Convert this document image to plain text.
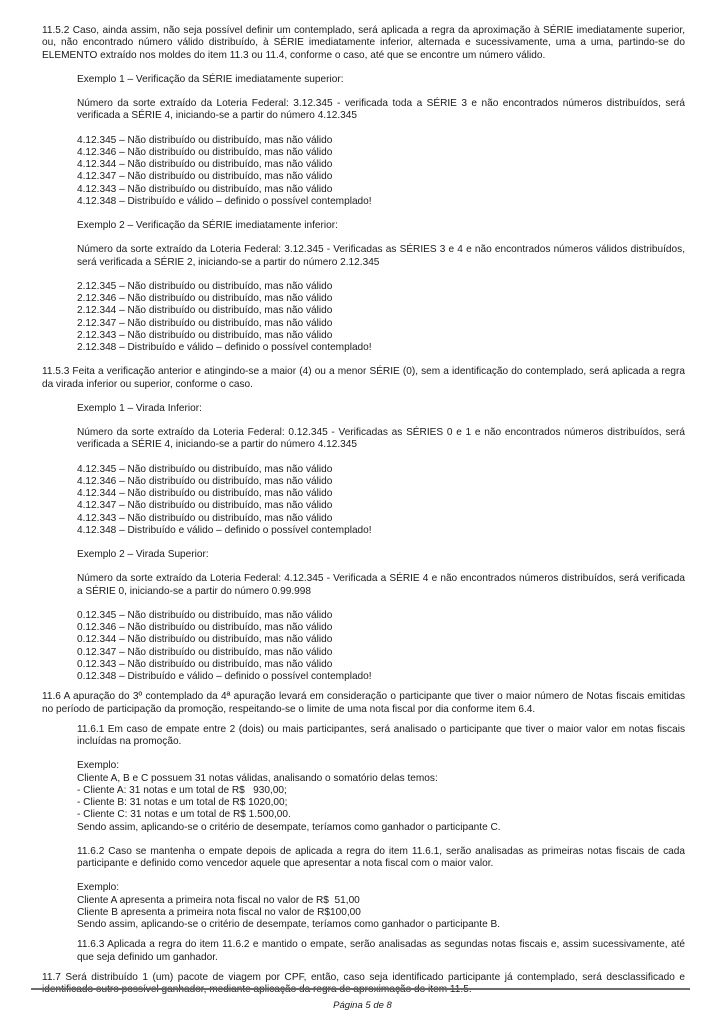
11.5.2 Caso, ainda assim, não seja possível definir um contemplado, será aplicada a regra da aproximação à SÉRIE imediatamente superior, ou, não encontrado número válido distribuído, à SÉRIE imediatamente inferior, alternada e sucessivamente, uma a uma, partindo-se do ELEMENTO extraído nos moldes do item 11.3 ou 11.4, conforme o caso, até que se encontre um número válido.

Exemplo 1 – Verificação da SÉRIE imediatamente superior:

Número da sorte extraído da Loteria Federal: 3.12.345 - verificada toda a SÉRIE 3 e não encontrados números distribuídos, será verificada a SÉRIE 4, iniciando-se a partir do número 4.12.345

4.12.345 – Não distribuído ou distribuído, mas não válido
4.12.346 – Não distribuído ou distribuído, mas não válido
4.12.344 – Não distribuído ou distribuído, mas não válido
4.12.347 – Não distribuído ou distribuído, mas não válido
4.12.343 – Não distribuído ou distribuído, mas não válido
4.12.348 – Distribuído e válido – definido o possível contemplado!

Exemplo 2 – Verificação da SÉRIE imediatamente inferior:

Número da sorte extraído da Loteria Federal: 3.12.345 - Verificadas as SÉRIES 3 e 4 e não encontrados números válidos distribuídos, será verificada a SÉRIE 2, iniciando-se a partir do número 2.12.345

2.12.345 – Não distribuído ou distribuído, mas não válido
2.12.346 – Não distribuído ou distribuído, mas não válido
2.12.344 – Não distribuído ou distribuído, mas não válido
2.12.347 – Não distribuído ou distribuído, mas não válido
2.12.343 – Não distribuído ou distribuído, mas não válido
2.12.348 – Distribuído e válido – definido o possível contemplado!

11.5.3 Feita a verificação anterior e atingindo-se a maior (4) ou a menor SÉRIE (0), sem a identificação do contemplado, será aplicada a regra da virada inferior ou superior, conforme o caso.

Exemplo 1 – Virada Inferior:

Número da sorte extraído da Loteria Federal: 0.12.345 - Verificadas as SÉRIES 0 e 1 e não encontrados números distribuídos, será verificada a SÉRIE 4, iniciando-se a partir do número 4.12.345

4.12.345 – Não distribuído ou distribuído, mas não válido
4.12.346 – Não distribuído ou distribuído, mas não válido
4.12.344 – Não distribuído ou distribuído, mas não válido
4.12.347 – Não distribuído ou distribuído, mas não válido
4.12.343 – Não distribuído ou distribuído, mas não válido
4.12.348 – Distribuído e válido – definido o possível contemplado!

Exemplo 2 – Virada Superior:

Número da sorte extraído da Loteria Federal: 4.12.345 - Verificada a SÉRIE 4 e não encontrados números distribuídos, será verificada a SÉRIE 0, iniciando-se a partir do número 0.99.998

0.12.345 – Não distribuído ou distribuído, mas não válido
0.12.346 – Não distribuído ou distribuído, mas não válido
0.12.344 – Não distribuído ou distribuído, mas não válido
0.12.347 – Não distribuído ou distribuído, mas não válido
0.12.343 – Não distribuído ou distribuído, mas não válido
0.12.348 – Distribuído e válido – definido o possível contemplado!

11.6 A apuração do 3º contemplado da 4ª apuração levará em consideração o participante que tiver o maior número de Notas fiscais emitidas no período de participação da promoção, respeitando-se o limite de uma nota fiscal por dia conforme item 6.4.

11.6.1 Em caso de empate entre 2 (dois) ou mais participantes, será analisado o participante que tiver o maior valor em notas fiscais incluídas na promoção.

Exemplo:
Cliente A, B e C possuem 31 notas válidas, analisando o somatório delas temos:
- Cliente A: 31 notas e um total de R$   930,00;
- Cliente B: 31 notas e um total de R$ 1020,00;
- Cliente C: 31 notas e um total de R$ 1.500,00.
Sendo assim, aplicando-se o critério de desempate, teríamos como ganhador o participante C.

11.6.2 Caso se mantenha o empate depois de aplicada a regra do item 11.6.1, serão analisadas as primeiras notas fiscais de cada participante e definido como vencedor aquele que apresentar a nota fiscal com o maior valor.

Exemplo:
Cliente A apresenta a primeira nota fiscal no valor de R$  51,00
Cliente B apresenta a primeira nota fiscal no valor de R$100,00
Sendo assim, aplicando-se o critério de desempate, teríamos como ganhador o participante B.

11.6.3 Aplicada a regra do item 11.6.2 e mantido o empate, serão analisadas as segundas notas fiscais e, assim sucessivamente, até que seja definido um ganhador.

11.7 Será distribuído 1 (um) pacote de viagem por CPF, então, caso seja identificado participante já contemplado, será desclassificado e

Página 5 de 8
